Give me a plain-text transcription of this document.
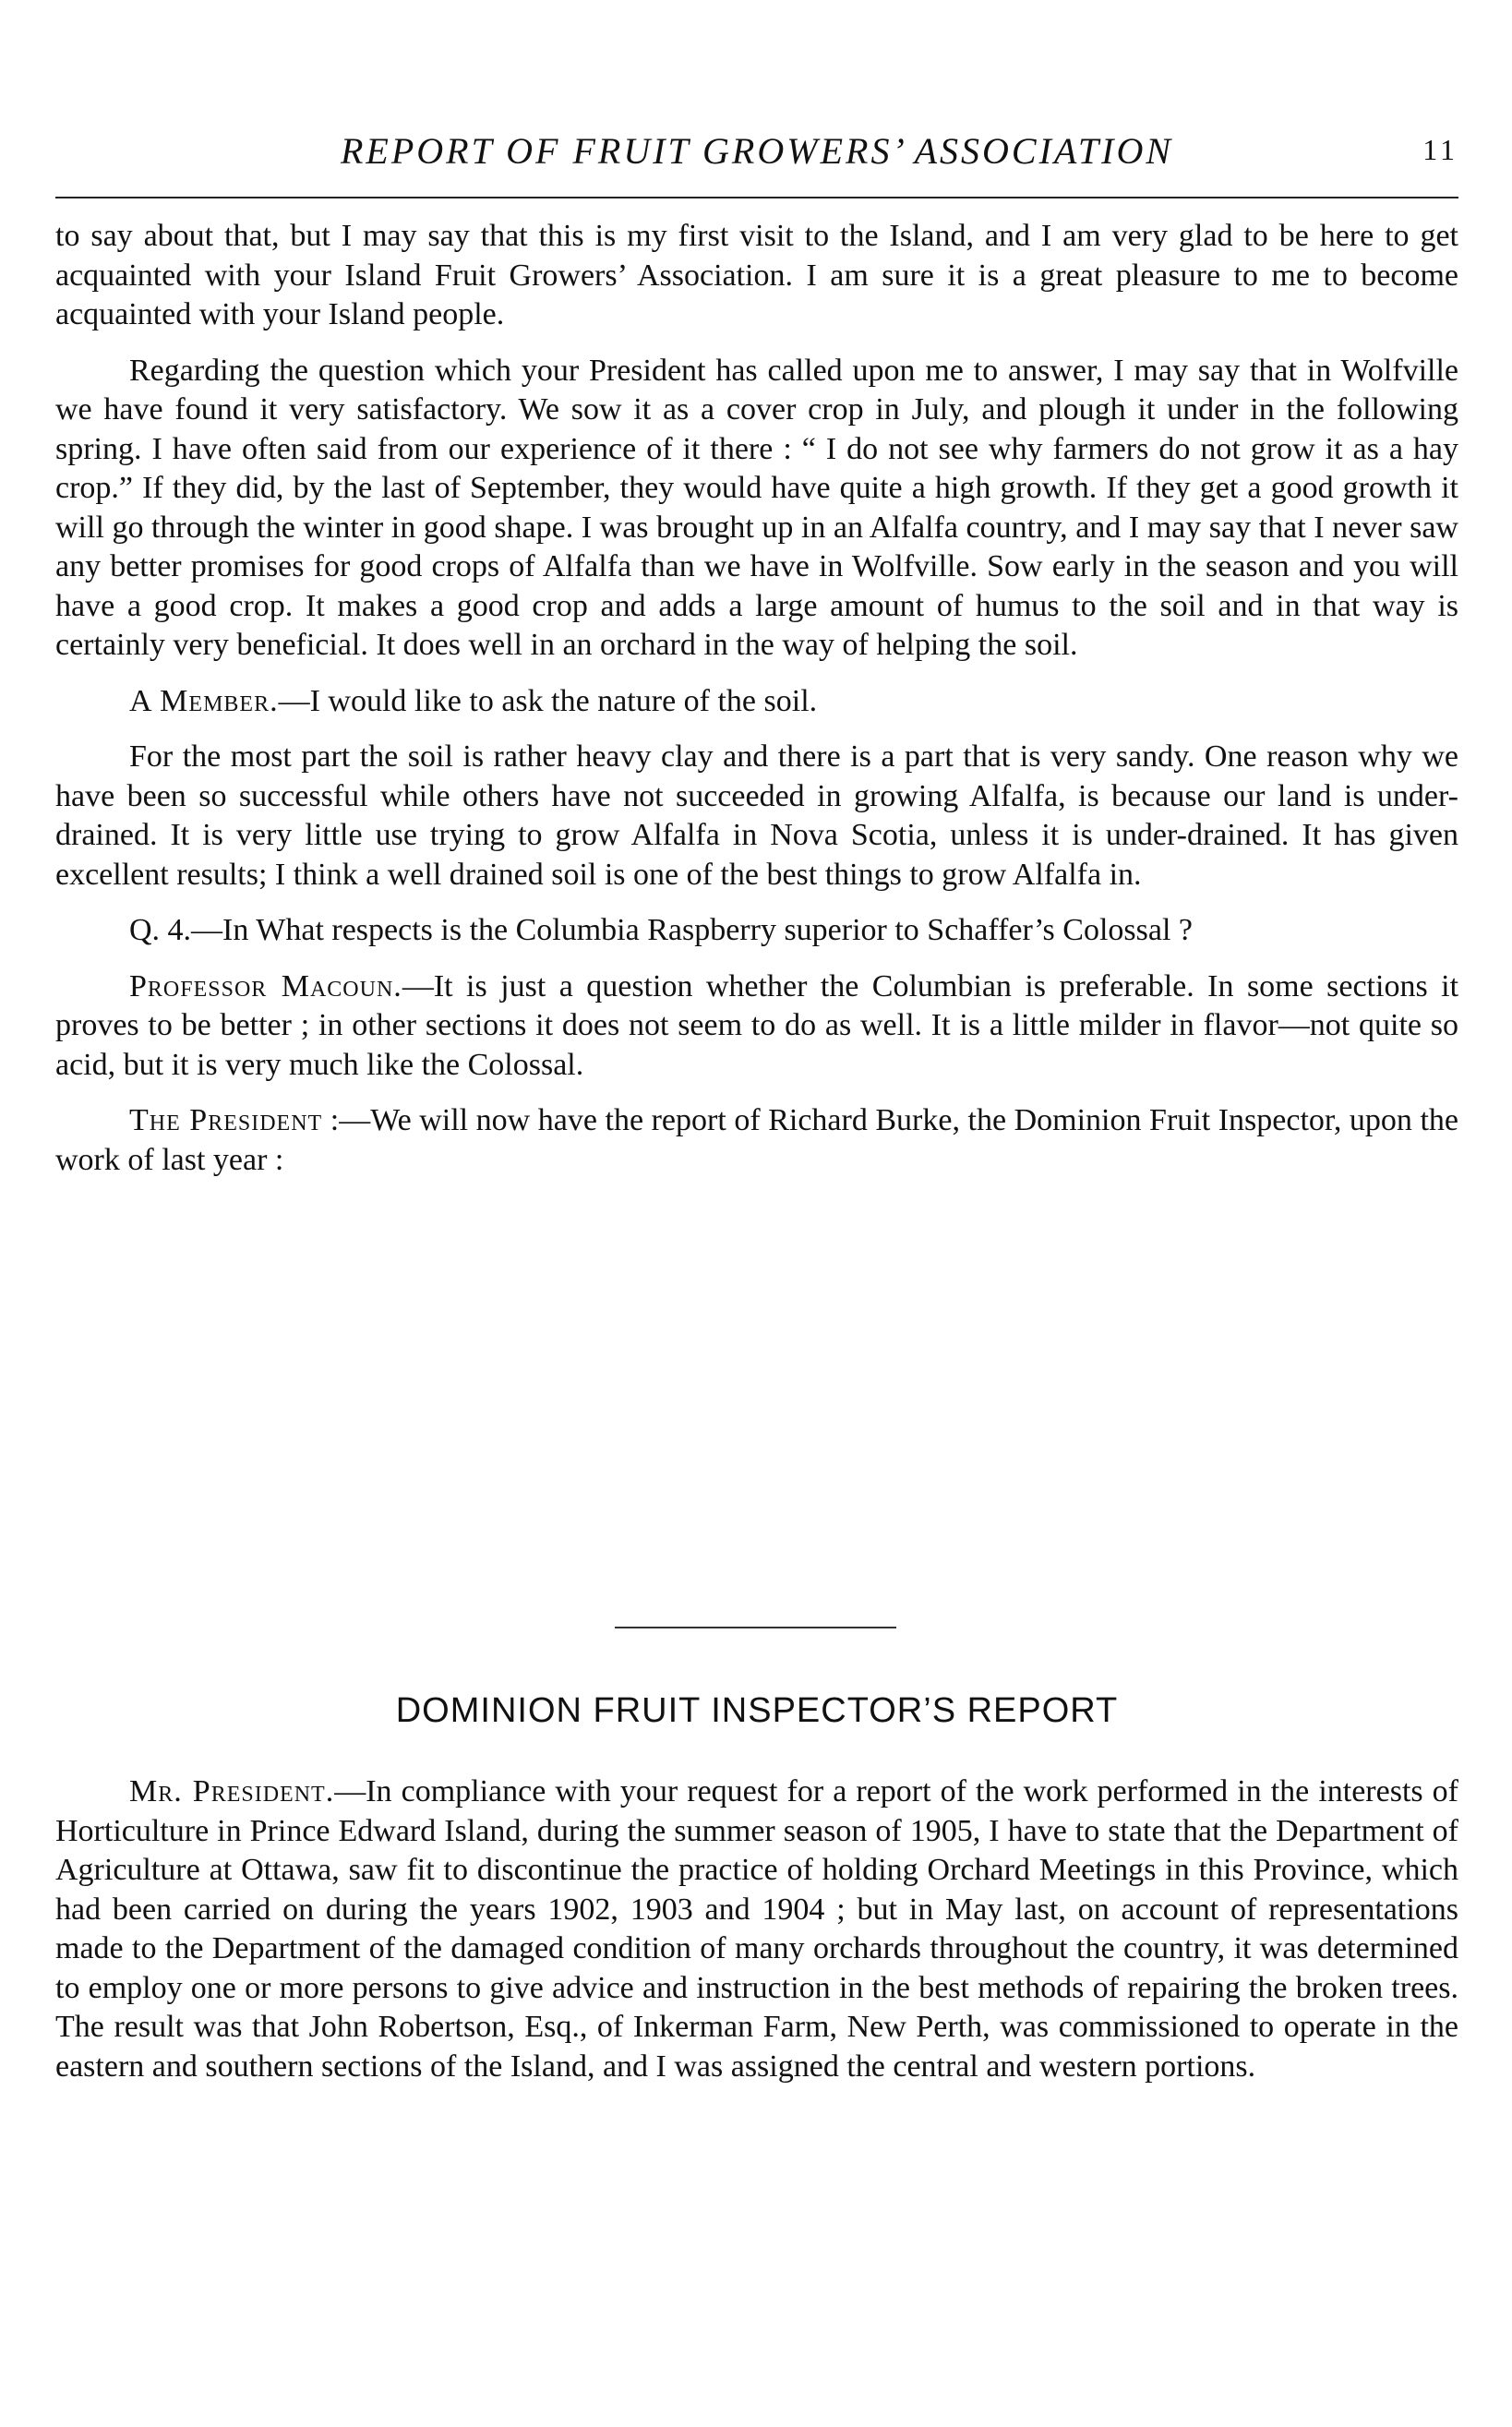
REPORT OF FRUIT GROWERS’ ASSOCIATION	11

to say about that, but I may say that this is my first visit to the Island, and I am very glad to be here to get acquainted with your Island Fruit Growers’ Association. I am sure it is a great pleasure to me to become acquainted with your Island people.

Regarding the question which your President has called upon me to answer, I may say that in Wolfville we have found it very satisfactory. We sow it as a cover crop in July, and plough it under in the following spring. I have often said from our experience of it there : “ I do not see why farmers do not grow it as a hay crop.” If they did, by the last of September, they would have quite a high growth. If they get a good growth it will go through the winter in good shape. I was brought up in an Alfalfa country, and I may say that I never saw any better promises for good crops of Alfalfa than we have in Wolfville. Sow early in the season and you will have a good crop. It makes a good crop and adds a large amount of humus to the soil and in that way is certainly very beneficial. It does well in an orchard in the way of helping the soil.

A Member.—I would like to ask the nature of the soil.

For the most part the soil is rather heavy clay and there is a part that is very sandy. One reason why we have been so successful while others have not succeeded in growing Alfalfa, is because our land is under-drained. It is very little use trying to grow Alfalfa in Nova Scotia, unless it is under-drained. It has given excellent results; I think a well drained soil is one of the best things to grow Alfalfa in.

Q. 4.—In What respects is the Columbia Raspberry superior to Schaffer’s Colossal ?

Professor Macoun.—It is just a question whether the Columbian is preferable. In some sections it proves to be better ; in other sections it does not seem to do as well. It is a little milder in flavor—not quite so acid, but it is very much like the Colossal.

The President :—We will now have the report of Richard Burke, the Dominion Fruit Inspector, upon the work of last year :

DOMINION FRUIT INSPECTOR’S REPORT

Mr. President.—In compliance with your request for a report of the work performed in the interests of Horticulture in Prince Edward Island, during the summer season of 1905, I have to state that the Department of Agriculture at Ottawa, saw fit to discontinue the practice of holding Orchard Meetings in this Province, which had been carried on during the years 1902, 1903 and 1904 ; but in May last, on account of representations made to the Department of the damaged condition of many orchards throughout the country, it was determined to employ one or more persons to give advice and instruction in the best methods of repairing the broken trees. The result was that John Robertson, Esq., of Inkerman Farm, New Perth, was commissioned to operate in the eastern and southern sections of the Island, and I was assigned the central and western portions.
